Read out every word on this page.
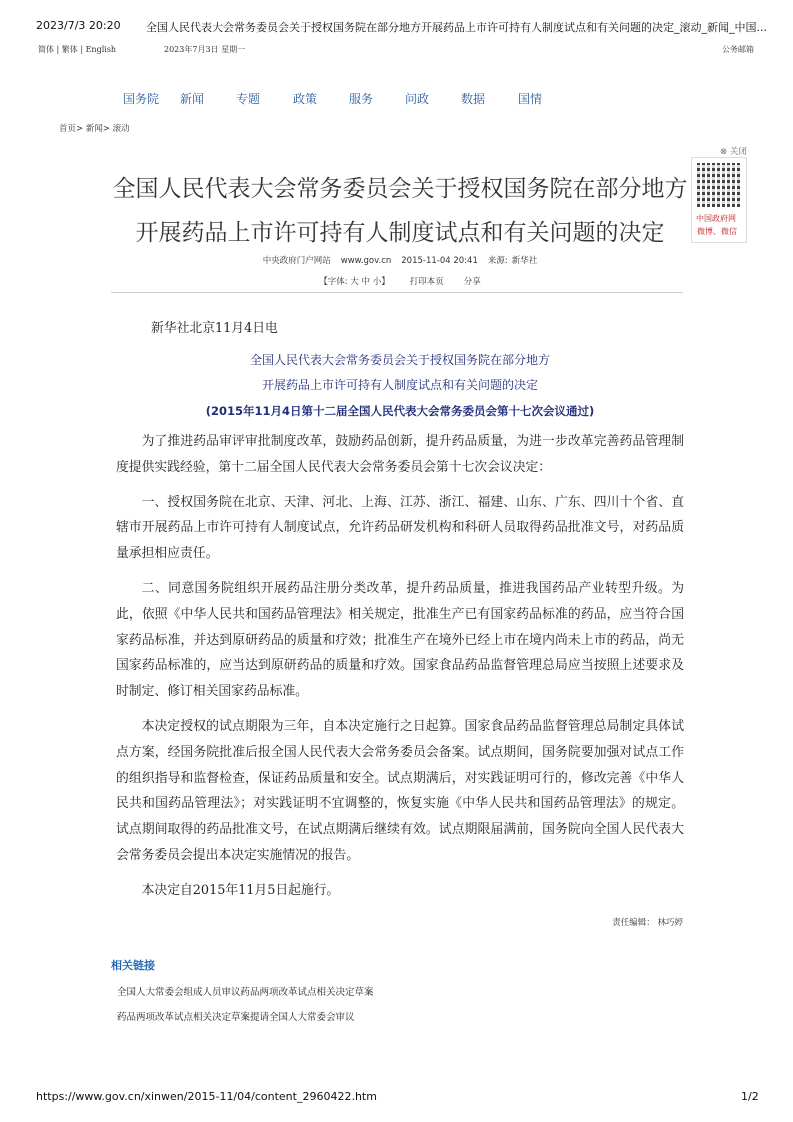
2023/7/3 20:20 全国人民代表大会常务委员会关于授权国务院在部分地方开展药品上市许可持有人制度试点和有关问题的决定_滚动_新闻_中国...
简体 | 繁体 | English	2023年7月3日 星期一	公务邮箱
国务院 新闻	专题	政策	服务	问政	数据	国情
首页> 新闻> 滚动
⊗ 关闭
中国政府网
微博、微信
全国人民代表大会常务委员会关于授权国务院在部分地方
开展药品上市许可持有人制度试点和有关问题的决定
中央政府门户网站 www.gov.cn 2015-11-04 20:41 来源: 新华社
【字体: 大 中 小】 打印本页 分享
新华社北京11月4日电
全国人民代表大会常务委员会关于授权国务院在部分地方
开展药品上市许可持有人制度试点和有关问题的决定
(2015年11月4日第十二届全国人民代表大会常务委员会第十七次会议通过)

为了推进药品审评审批制度改革，鼓励药品创新，提升药品质量，为进一步改革完善药品管理制度提供实践经验，第十二届全国人民代表大会常务委员会第十七次会议决定：

一、授权国务院在北京、天津、河北、上海、江苏、浙江、福建、山东、广东、四川十个省、直辖市开展药品上市许可持有人制度试点，允许药品研发机构和科研人员取得药品批准文号，对药品质量承担相应责任。

二、同意国务院组织开展药品注册分类改革，提升药品质量，推进我国药品产业转型升级。为此，依照《中华人民共和国药品管理法》相关规定，批准生产已有国家药品标准的药品，应当符合国家药品标准，并达到原研药品的质量和疗效；批准生产在境外已经上市在境内尚未上市的药品，尚无国家药品标准的，应当达到原研药品的质量和疗效。国家食品药品监督管理总局应当按照上述要求及时制定、修订相关国家药品标准。

本决定授权的试点期限为三年，自本决定施行之日起算。国家食品药品监督管理总局制定具体试点方案，经国务院批准后报全国人民代表大会常务委员会备案。试点期间，国务院要加强对试点工作的组织指导和监督检查，保证药品质量和安全。试点期满后，对实践证明可行的，修改完善《中华人民共和国药品管理法》；对实践证明不宜调整的，恢复实施《中华人民共和国药品管理法》的规定。试点期间取得的药品批准文号，在试点期满后继续有效。试点期限届满前，国务院向全国人民代表大会常务委员会提出本决定实施情况的报告。

本决定自2015年11月5日起施行。

责任编辑： 林巧婷
相关链接
全国人大常委会组成人员审议药品两项改革试点相关决定草案
药品两项改革试点相关决定草案提请全国人大常委会审议
https://www.gov.cn/xinwen/2015-11/04/content_2960422.htm	1/2
